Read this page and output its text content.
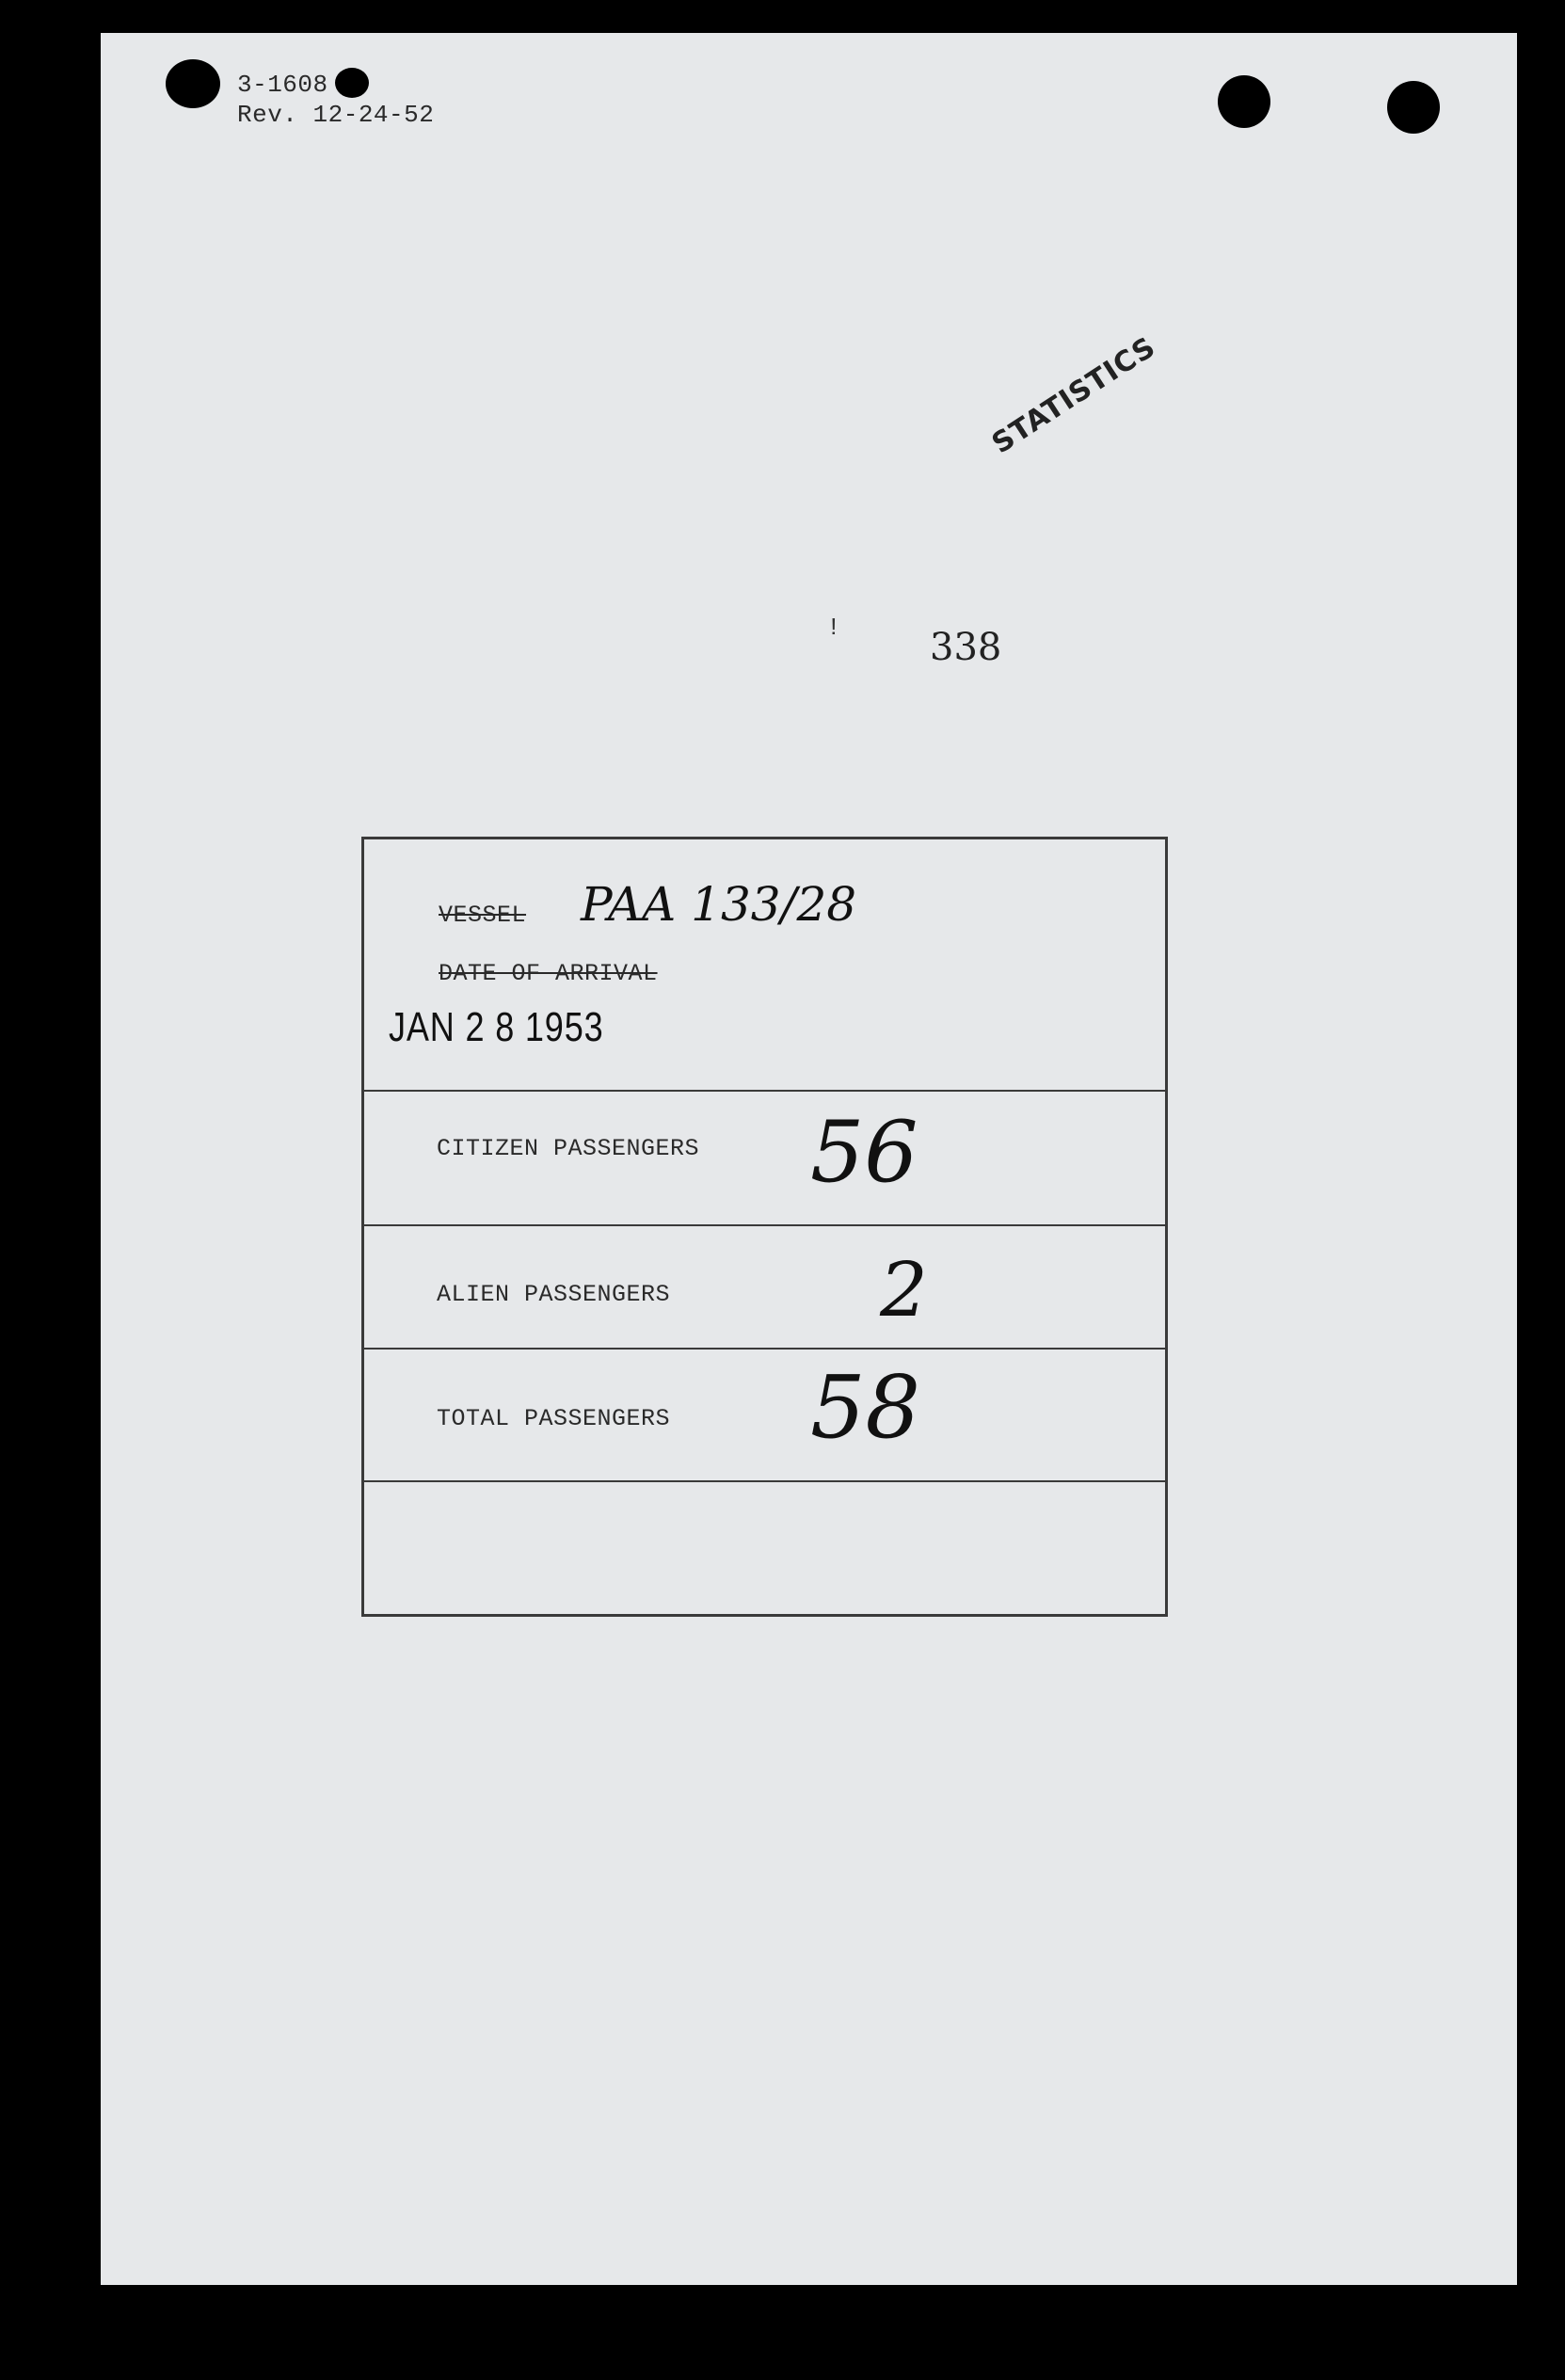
3-1608
Rev. 12-24-52
STATISTICS
! 338
VESSEL PAA 133/28
DATE OF ARRIVAL
JAN 2 8 1953
CITIZEN PASSENGERS 56
ALIEN PASSENGERS	2
TOTAL PASSENGERS 58
